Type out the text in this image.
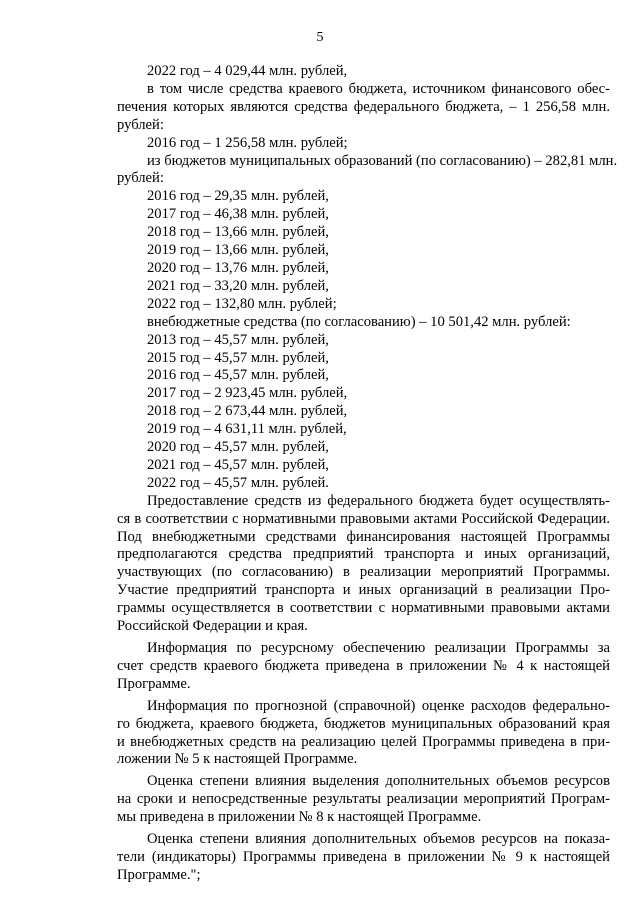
5
2022 год – 4 029,44 млн. рублей,
в том числе средства краевого бюджета, источником финансового обес-
печения которых являются средства федерального бюджета, – 1 256,58 млн.
рублей:
2016 год – 1 256,58 млн. рублей;
из бюджетов муниципальных образований (по согласованию) – 282,81 млн.
рублей:
2016 год – 29,35 млн. рублей,
2017 год – 46,38 млн. рублей,
2018 год – 13,66 млн. рублей,
2019 год – 13,66 млн. рублей,
2020 год – 13,76 млн. рублей,
2021 год – 33,20 млн. рублей,
2022 год – 132,80 млн. рублей;
внебюджетные средства (по согласованию) – 10 501,42 млн. рублей:
2013 год – 45,57 млн. рублей,
2015 год – 45,57 млн. рублей,
2016 год – 45,57 млн. рублей,
2017 год – 2 923,45 млн. рублей,
2018 год – 2 673,44 млн. рублей,
2019 год – 4 631,11 млн. рублей,
2020 год – 45,57 млн. рублей,
2021 год – 45,57 млн. рублей,
2022 год – 45,57 млн. рублей.
Предоставление средств из федерального бюджета будет осуществлять-
ся в соответствии с нормативными правовыми актами Российской Федерации.
Под внебюджетными средствами финансирования настоящей Программы
предполагаются средства предприятий транспорта и иных организаций,
участвующих (по согласованию) в реализации мероприятий Программы.
Участие предприятий транспорта и иных организаций в реализации Про-
граммы осуществляется в соответствии с нормативными правовыми актами
Российской Федерации и края.
Информация по ресурсному обеспечению реализации Программы за
счет средств краевого бюджета приведена в приложении № 4 к настоящей
Программе.
Информация по прогнозной (справочной) оценке расходов федерально-
го бюджета, краевого бюджета, бюджетов муниципальных образований края
и внебюджетных средств на реализацию целей Программы приведена в при-
ложении № 5 к настоящей Программе.
Оценка степени влияния выделения дополнительных объемов ресурсов
на сроки и непосредственные результаты реализации мероприятий Програм-
мы приведена в приложении № 8 к настоящей Программе.
Оценка степени влияния дополнительных объемов ресурсов на показа-
тели (индикаторы) Программы приведена в приложении № 9 к настоящей
Программе.";
